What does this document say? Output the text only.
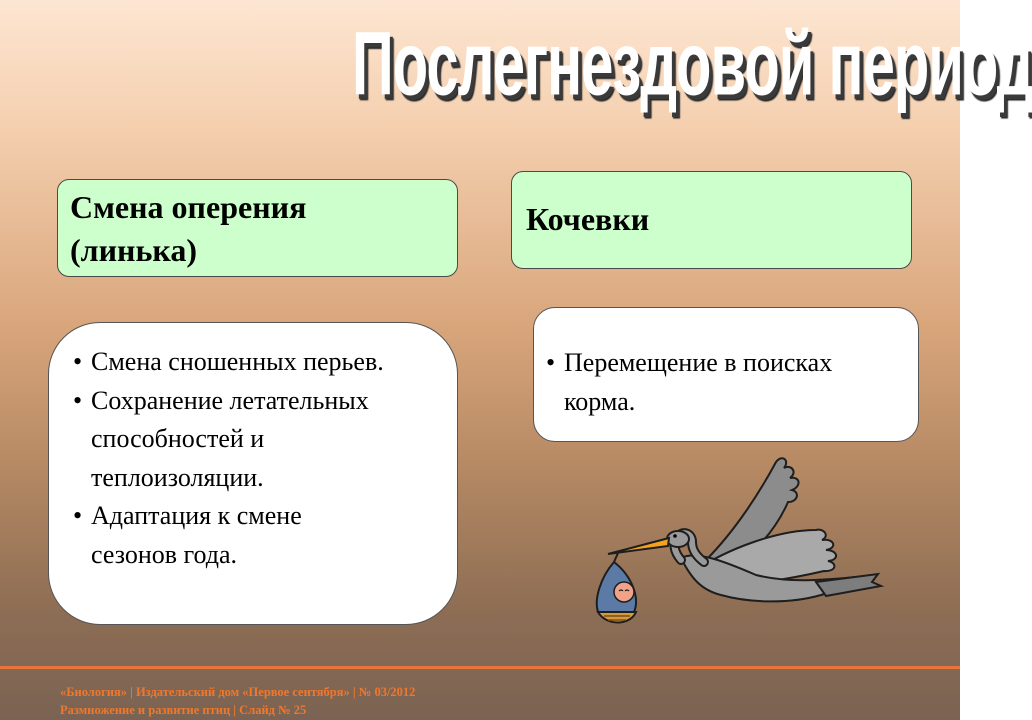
Послегнездовой период
Смена оперения
(линька)
Кочевки
• Смена сношенных перьев.
• Сохранение летательных
способностей и
теплоизоляции.
• Адаптация к смене
сезонов года.
• Перемещение в поисках
корма.
«Биология» | Издательский дом «Первое сентября» | № 03/2012
Размножение и развитие птиц | Слайд № 25
